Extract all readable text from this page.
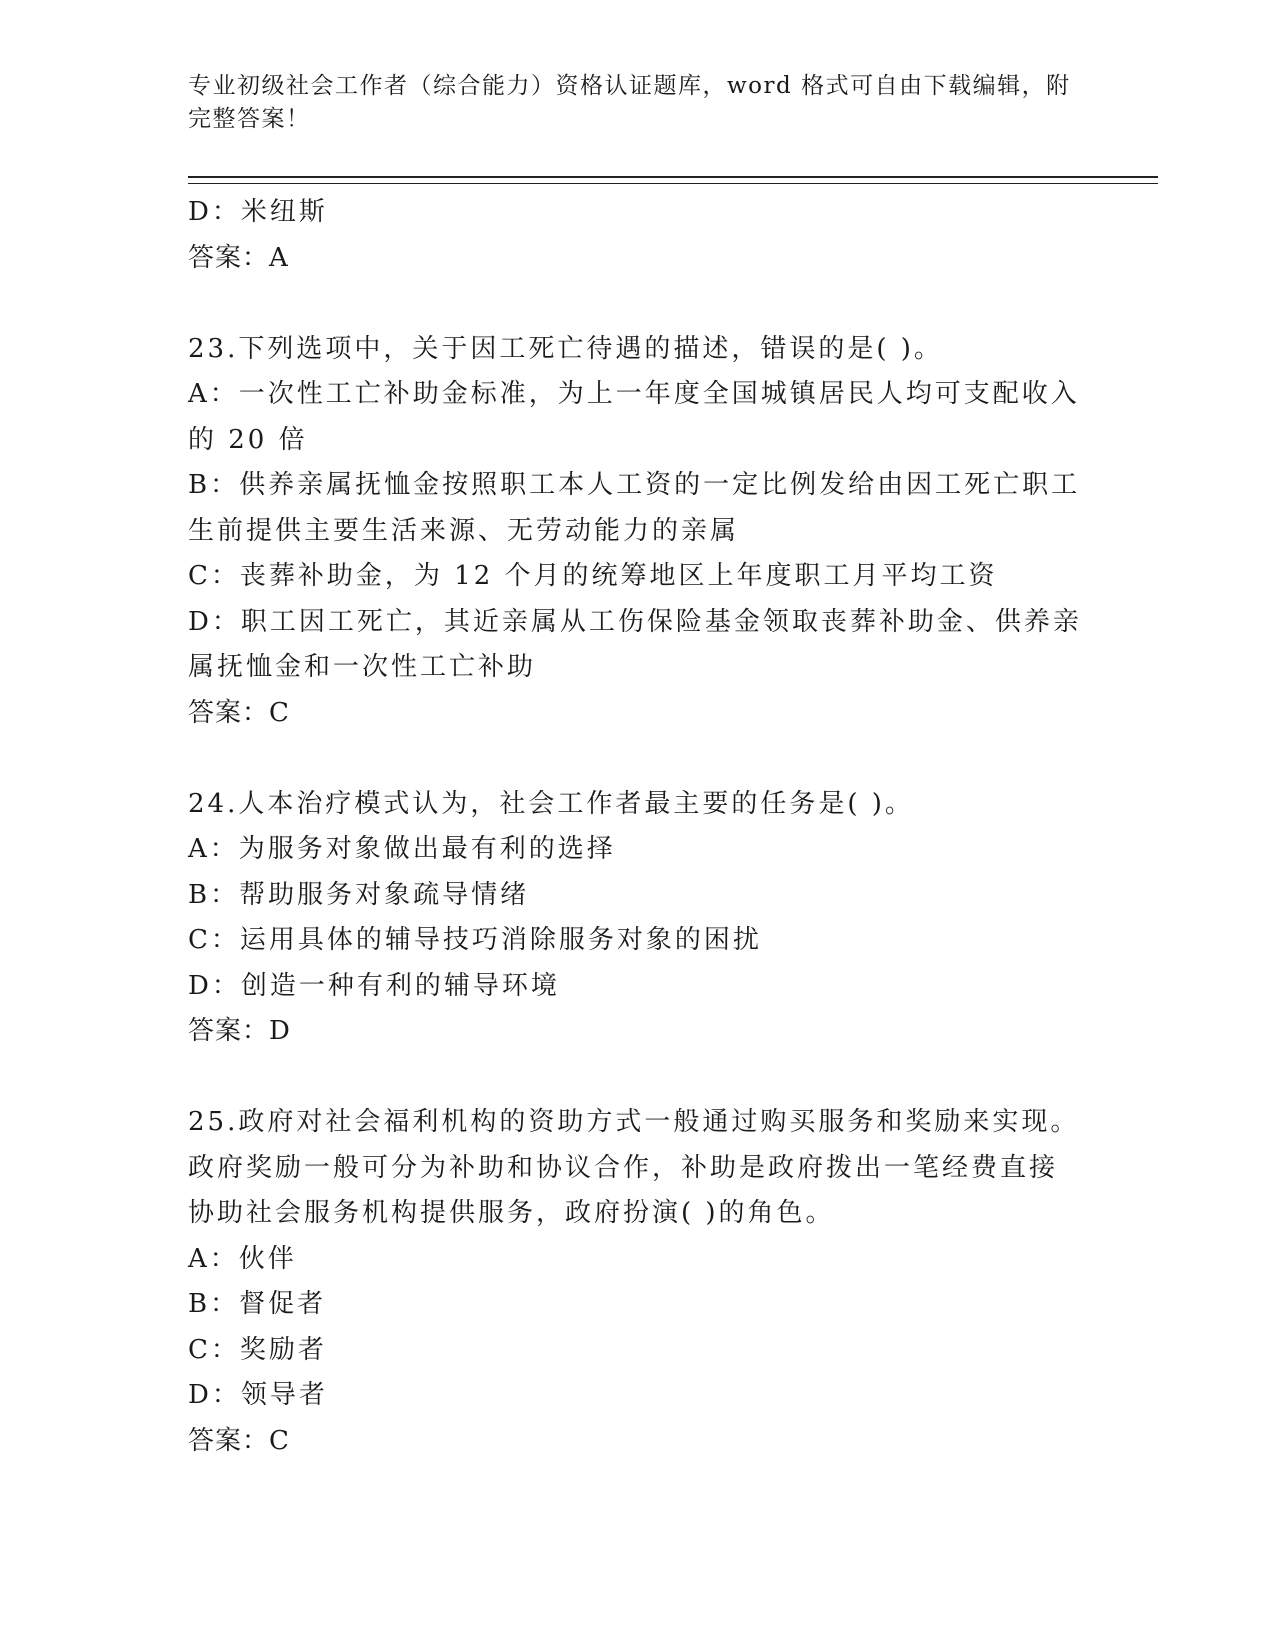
专业初级社会工作者（综合能力）资格认证题库，word 格式可自由下载编辑，附
完整答案！
D：米纽斯
答案：A
23.下列选项中，关于因工死亡待遇的描述，错误的是( )。
A：一次性工亡补助金标准，为上一年度全国城镇居民人均可支配收入
的 20 倍
B：供养亲属抚恤金按照职工本人工资的一定比例发给由因工死亡职工
生前提供主要生活来源、无劳动能力的亲属
C：丧葬补助金，为 12 个月的统筹地区上年度职工月平均工资
D：职工因工死亡，其近亲属从工伤保险基金领取丧葬补助金、供养亲
属抚恤金和一次性工亡补助
答案：C
24.人本治疗模式认为，社会工作者最主要的任务是( )。
A：为服务对象做出最有利的选择
B：帮助服务对象疏导情绪
C：运用具体的辅导技巧消除服务对象的困扰
D：创造一种有利的辅导环境
答案：D
25.政府对社会福利机构的资助方式一般通过购买服务和奖励来实现。
政府奖励一般可分为补助和协议合作，补助是政府拨出一笔经费直接
协助社会服务机构提供服务，政府扮演( )的角色。
A：伙伴
B：督促者
C：奖励者
D：领导者
答案：C
